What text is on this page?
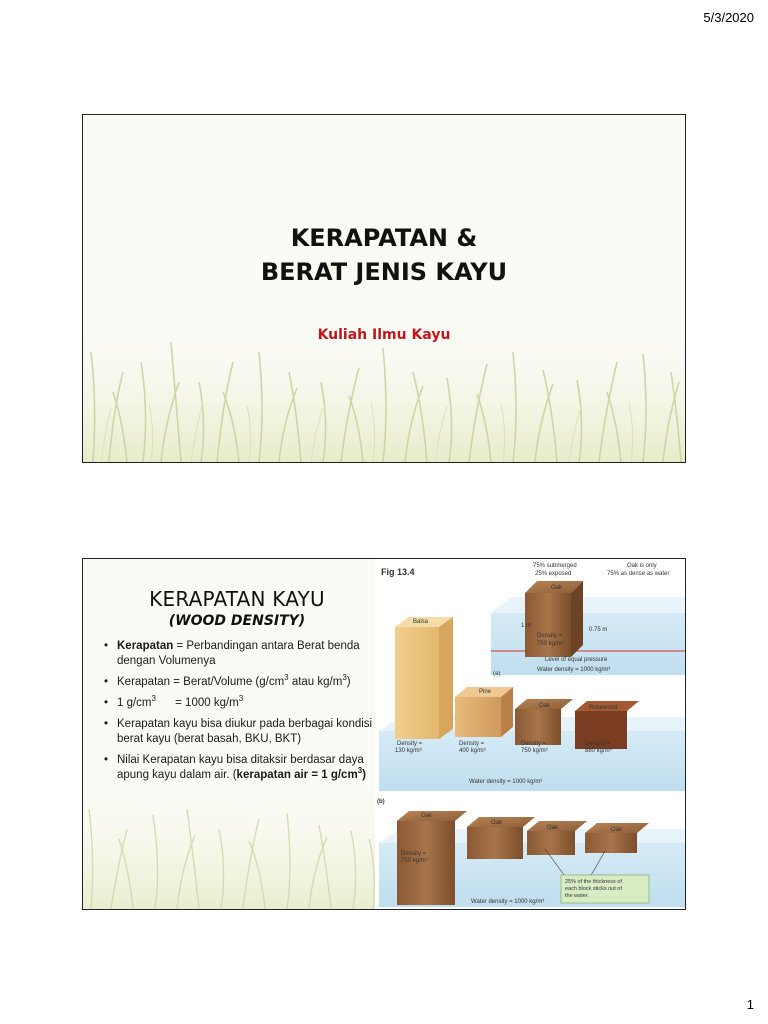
5/3/2020
KERAPATAN &
BERAT JENIS KAYU
Kuliah Ilmu Kayu
KERAPATAN KAYU
(WOOD DENSITY)
• Kerapatan = Perbandingan antara Berat benda dengan Volumenya
• Kerapatan = Berat/Volume ($g/cm^3$ atau $kg/m^3$)
• 1 $g/cm^3$      = 1000 $kg/m^3$
• Kerapatan kayu bisa diukur pada berbagai kondisi berat kayu (berat basah, BKU, BKT)
• Nilai Kerapatan kayu bisa ditaksir berdasar daya apung kayu dalam air. (kerapatan air = 1 $g/cm^3$)
Fig 13.4
75% submerged
25% exposed
Oak is only
75% as dense as water
Oak
1 m
0.75 m
Density =
750 kg/m³
Level of equal pressure
Water density = 1000 kg/m³
(a)
Balsa
Pine
Oak	Rosewood
Density =
130 kg/m³
Density =
400 kg/m³
Density =
750 kg/m³
Density =
880 kg/m³
Water density = 1000 kg/m³
(b)
Oak
Oak
Oak	Oak
Density =
750 kg/m³
25% of the thickness of
each block sticks out of
the water.
Water density = 1000 kg/m³
1
